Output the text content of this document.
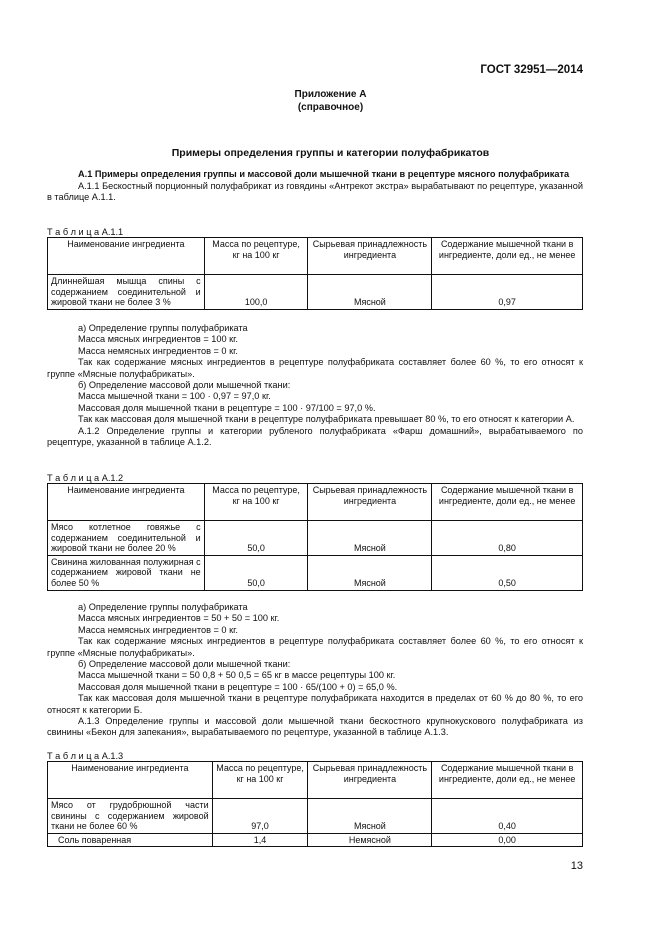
ГОСТ 32951—2014
Приложение А
(справочное)
Примеры определения группы и категории полуфабрикатов

А.1 Примеры определения группы и массовой доли мышечной ткани в рецептуре мясного полуфабриката

А.1.1 Бескостный порционный полуфабрикат из говядины «Антрекот экстра» вырабатывают по рецептуре, указанной в таблице А.1.1.

Т а б л и ц а А.1.1
Наименование ингредиента	Масса по рецептуре, кг на 100 кг	Сырьевая принадлежность ингредиента	Содержание мышечной ткани в ингредиенте, доли ед., не менее
Длиннейшая мышца спины с содержанием соединительной и жировой ткани не более 3 %	100,0	Мясной	0,97

а) Определение группы полуфабриката

Масса мясных ингредиентов = 100 кг.

Масса немясных ингредиентов = 0 кг.

Так как содержание мясных ингредиентов в рецептуре полуфабриката составляет более 60 %, то его относят к группе «Мясные полуфабрикаты».

б) Определение массовой доли мышечной ткани:

Масса мышечной ткани = 100 · 0,97 = 97,0 кг.

Массовая доля мышечной ткани в рецептуре = 100 · 97/100 = 97,0 %.

Так как массовая доля мышечной ткани в рецептуре полуфабриката превышает 80 %, то его относят к категории А.

А.1.2 Определение группы и категории рубленого полуфабриката «Фарш домашний», вырабатываемого по рецептуре, указанной в таблице А.1.2.

Т а б л и ц а А.1.2
Наименование ингредиента	Масса по рецептуре, кг на 100 кг	Сырьевая принадлежность ингредиента	Содержание мышечной ткани в ингредиенте, доли ед., не менее
Мясо котлетное говяжье с содержанием соединительной и жировой ткани не более 20 %	50,0	Мясной	0,80
Свинина жилованная полужирная с содержанием жировой ткани не более 50 %	50,0	Мясной	0,50

а) Определение группы полуфабриката

Масса мясных ингредиентов = 50 + 50 = 100 кг.

Масса немясных ингредиентов = 0 кг.

Так как содержание мясных ингредиентов в рецептуре полуфабриката составляет более 60 %, то его относят к группе «Мясные полуфабрикаты».

б) Определение массовой доли мышечной ткани:

Масса мышечной ткани = 50 0,8 + 50 0,5 = 65 кг в массе рецептуры 100 кг.

Массовая доля мышечной ткани в рецептуре = 100 · 65/(100 + 0) = 65,0 %.

Так как массовая доля мышечной ткани в рецептуре полуфабриката находится в пределах от 60 % до 80 %, то его относят к категории Б.

А.1.3 Определение группы и массовой доли мышечной ткани бескостного крупнокускового полуфабриката из свинины «Бекон для запекания», вырабатываемого по рецептуре, указанной в таблице А.1.3.

Т а б л и ц а А.1.3
Наименование ингредиента	Масса по рецептуре, кг на 100 кг	Сырьевая принадлежность ингредиента	Содержание мышечной ткани в ингредиенте, доли ед., не менее
Мясо от грудобрюшной части свинины с содержанием жировой ткани не более 60 %	97,0	Мясной	0,40
Соль поваренная	1,4	Немясной	0,00
13
